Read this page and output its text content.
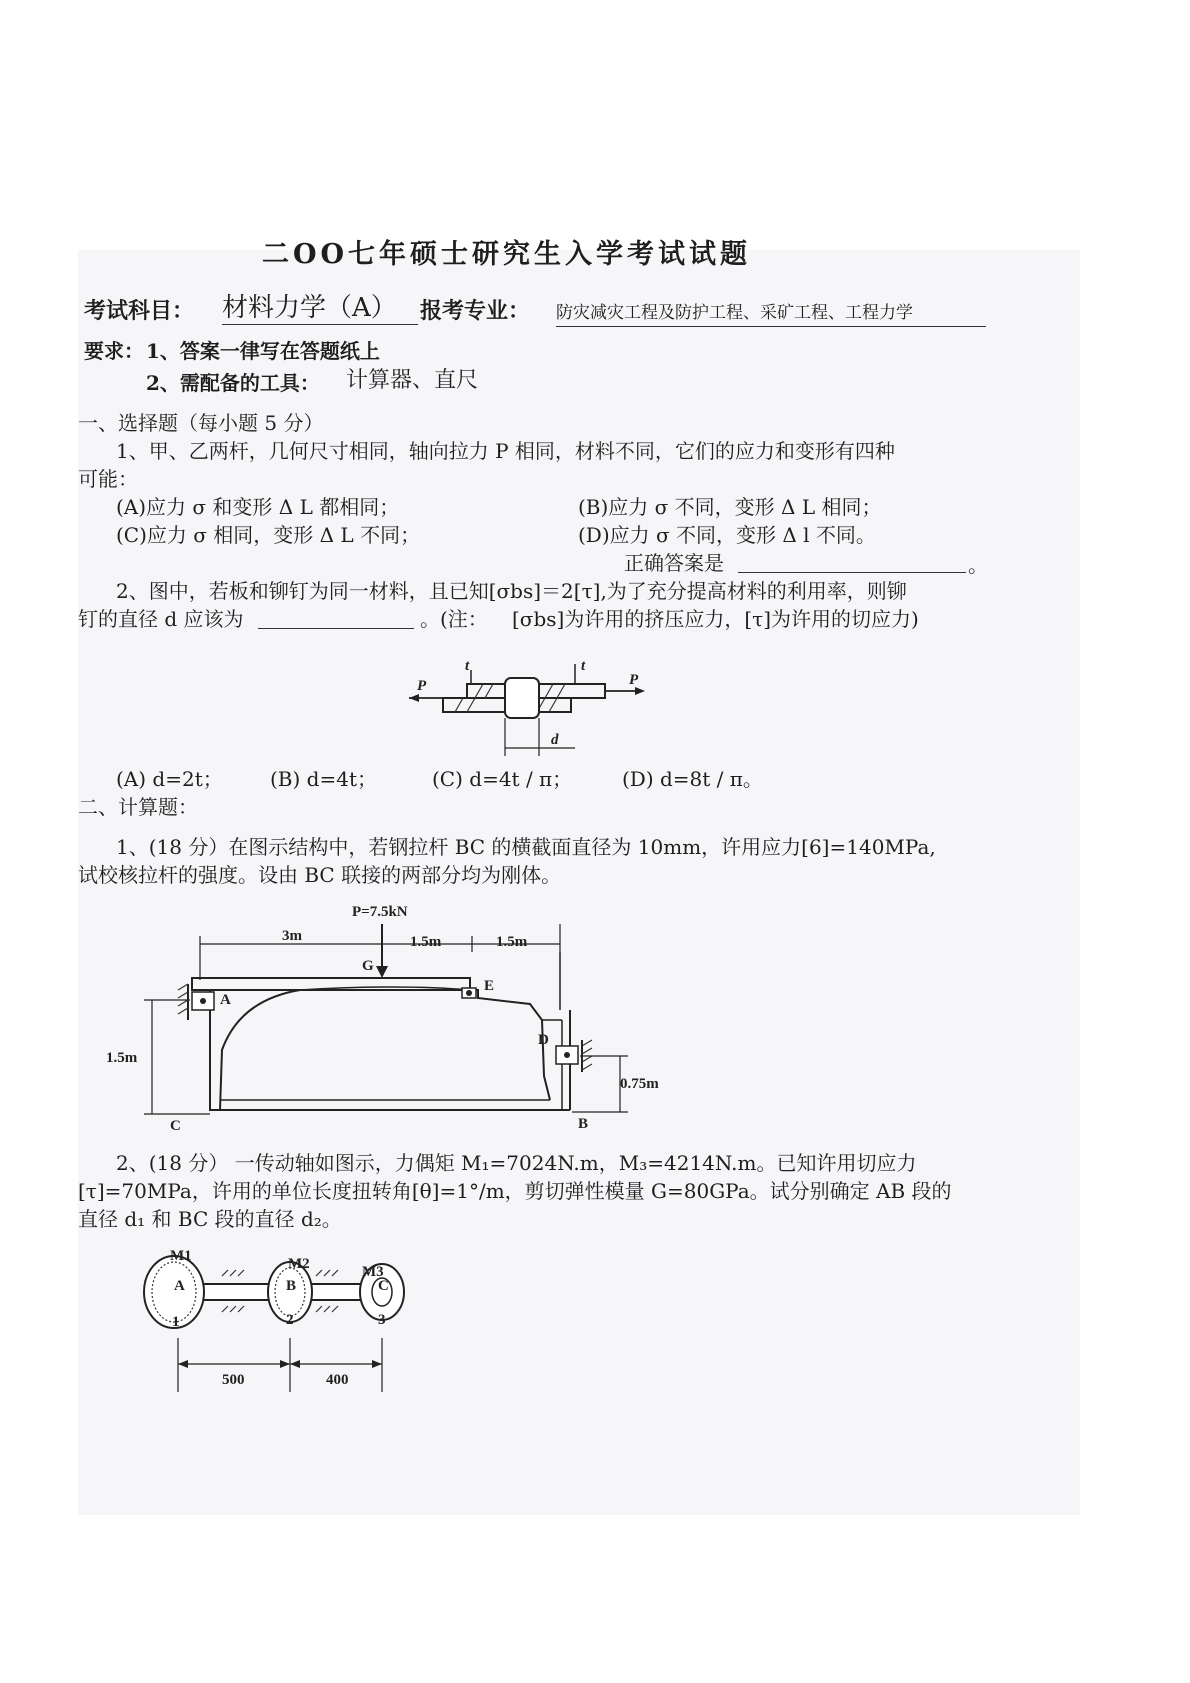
二OO七年硕士研究生入学考试试题
考试科目： 材料力学（A）	报考专业： 防灾减灾工程及防护工程、采矿工程、工程力学
要求： 1、答案一律写在答题纸上
2、需配备的工具： 计算器、直尺
一、选择题（每小题 5 分）
1、甲、乙两杆，几何尺寸相同，轴向拉力 P 相同，材料不同，它们的应力和变形有四种
可能：
(A)应力 σ 和变形 Δ L 都相同；	(B)应力 σ 不同，变形 Δ L 相同；
(C)应力 σ 相同，变形 Δ L 不同；	(D)应力 σ 不同，变形 Δ l 不同。
正确答案是	。
2、图中，若板和铆钉为同一材料，且已知[σbs]＝2[τ],为了充分提高材料的利用率，则铆
钉的直径 d 应该为	。(注： [σbs]为许用的挤压应力，[τ]为许用的切应力)
P	P
t	t
d
(A) d=2t； (B) d=4t；	(C) d=4t / π； (D) d=8t / π。
二、计算题：
1、(18 分）在图示结构中，若钢拉杆 BC 的横截面直径为 10mm，许用应力[6]=140MPa,
试校核拉杆的强度。设由 BC 联接的两部分均为刚体。
3m	1.5m	1.5m
P=7.5kN
G
E
A
D
1.5m
C
0.75m
B
2、(18 分） 一传动轴如图示，力偶矩 M₁=7024N.m，M₃=4214N.m。已知许用切应力
[τ]=70MPa，许用的单位长度扭转角[θ]=1°/m，剪切弹性模量 G=80GPa。试分别确定 AB 段的
直径 d₁ 和 BC 段的直径 d₂。
M1	M2	M3
A	B	C
1	2	3
500	400
